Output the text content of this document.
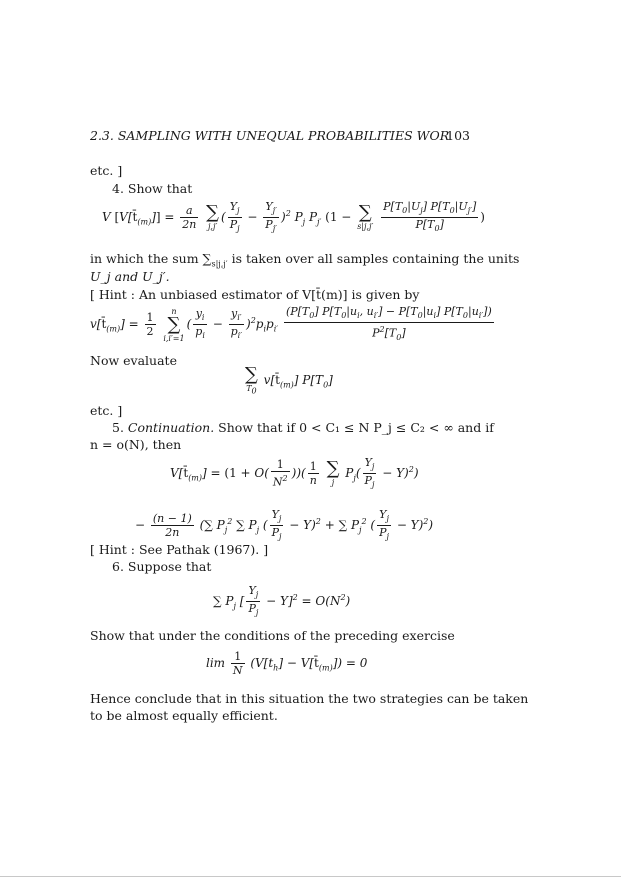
2.3. SAMPLING WITH UNEQUAL PROBABILITIES WOR
103
etc. ]
4. Show that
V $[V[t̄_{(m)}]] = \frac{a}{2n}$
∑
j,j′
( $\frac{Y_j}{P_j} - \frac{Y_{j'}}{P_{j'}} )^2$ $P_j$ $P_{j'}$ (1 − ∑
s|j,j′
$\frac{P[T_0|U_j] P[T_0|U_{j'}]}{P[T_0]}$ )
in which the sum $\sum_{s|j,j'}$ is taken over all samples containing the units
U_j and U_j′.
[ Hint : An unbiased estimator of V[t̄(m)] is given by
$v[t̄_{(m)}] = \frac{1}{2}$
	n
∑
i,i′=1
( $\frac{y_i}{p_i} - \frac{y_{i'}}{p_{i'}} )^2p_ip_{i'} \frac{(P[T_0] P[T_0|u_i, u_{i'}] - P[T_0|u_i] P[T_0|u_{i'}])}{P^2[T_0]}$
Now evaluate
∑
$T_0$
$v[t̄_{(m)}]$ $P[T_0]$
etc. ]
5. Continuation. Show that if 0 < C₁ ≤ N P_j ≤ C₂ < ∞ and if
n = o(N), then
$V[t̄_{(m)}] = (1 + O( \frac{1}{N^2}$ ))( $\frac{1}{n}$
∑
j
$P_j( \frac{Y_j}{P_j} - Y)^2$)
− $\frac{(n - 1)}{2n}$ (∑ $P_j^2$ ∑ $P_j$ ( $\frac{Y_j}{P_j} - Y)^2$ + ∑ $P_j^2$ ( $\frac{Y_j}{P_j} - Y)^2$)
[ Hint : See Pathak (1967). ]
6. Suppose that
∑ $P_j$ [ $\frac{Y_j}{P_j} - Y]^2 = O(N^2)$
Show that under the conditions of the preceding exercise
$\lim \frac{1}{N} (V[t_h]$ − $V[t̄_{(m)}]) = 0$
Hence conclude that in this situation the two strategies can be taken
to be almost equally efficient.
